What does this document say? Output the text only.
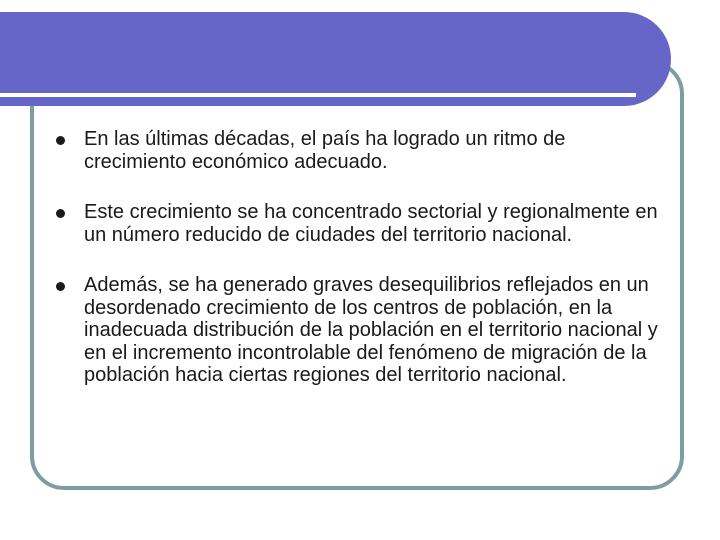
En las últimas décadas, el país ha logrado un ritmo de crecimiento económico adecuado.
Este crecimiento se ha concentrado sectorial y regionalmente en un número reducido de ciudades del territorio nacional.
Además, se ha generado graves desequilibrios reflejados en un desordenado crecimiento de los centros de población, en la inadecuada distribución de la población en el territorio nacional y en el incremento incontrolable del fenómeno de migración de la población hacia ciertas regiones del territorio nacional.
